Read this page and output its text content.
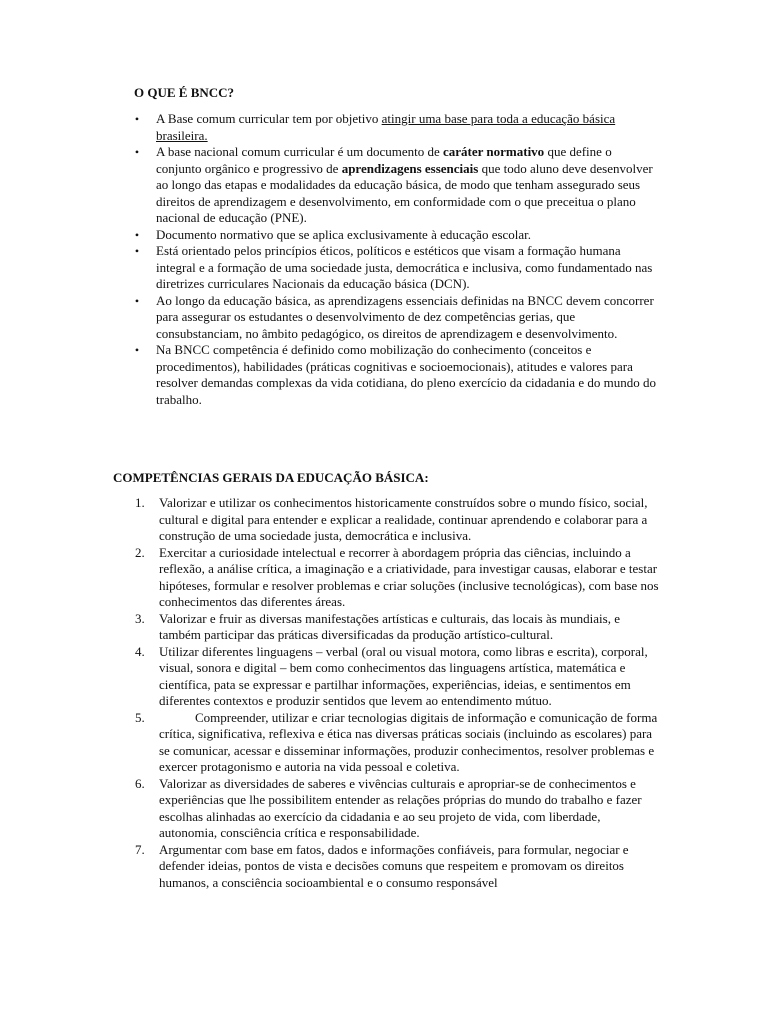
O QUE É BNCC?
• A Base comum curricular tem por objetivo atingir uma base para toda a educação básica brasileira.
• A base nacional comum curricular é um documento de caráter normativo que define o conjunto orgânico e progressivo de aprendizagens essenciais que todo aluno deve desenvolver ao longo das etapas e modalidades da educação básica, de modo que tenham assegurado seus direitos de aprendizagem e desenvolvimento, em conformidade com o que preceitua o plano nacional de educação (PNE).
• Documento normativo que se aplica exclusivamente à educação escolar.
• Está orientado pelos princípios éticos, políticos e estéticos que visam a formação humana integral e a formação de uma sociedade justa, democrática e inclusiva, como fundamentado nas diretrizes curriculares Nacionais da educação básica (DCN).
• Ao longo da educação básica, as aprendizagens essenciais definidas na BNCC devem concorrer para assegurar os estudantes o desenvolvimento de dez competências gerias, que consubstanciam, no âmbito pedagógico, os direitos de aprendizagem e desenvolvimento.
• Na BNCC competência é definido como mobilização do conhecimento (conceitos e procedimentos), habilidades (práticas cognitivas e socioemocionais), atitudes e valores para resolver demandas complexas da vida cotidiana, do pleno exercício da cidadania e do mundo do trabalho.
COMPETÊNCIAS GERAIS DA EDUCAÇÃO BÁSICA:
1.	Valorizar e utilizar os conhecimentos historicamente construídos sobre o mundo físico, social, cultural e digital para entender e explicar a realidade, continuar aprendendo e colaborar para a construção de uma sociedade justa, democrática e inclusiva.
2.	Exercitar a curiosidade intelectual e recorrer à abordagem própria das ciências, incluindo a reflexão, a análise crítica, a imaginação e a criatividade, para investigar causas, elaborar e testar hipóteses, formular e resolver problemas e criar soluções (inclusive tecnológicas), com base nos conhecimentos das diferentes áreas.
3.	Valorizar e fruir as diversas manifestações artísticas e culturais, das locais às mundiais, e também participar das práticas diversificadas da produção artístico-cultural.
4.	Utilizar diferentes linguagens – verbal (oral ou visual motora, como libras e escrita), corporal, visual, sonora e digital – bem como conhecimentos das linguagens artística, matemática e científica, pata se expressar e partilhar informações, experiências, ideias, e sentimentos em diferentes contextos e produzir sentidos que levem ao entendimento mútuo.
5.	Compreender, utilizar e criar tecnologias digitais de informação e comunicação de forma crítica, significativa, reflexiva e ética nas diversas práticas sociais (incluindo as escolares) para se comunicar, acessar e disseminar informações, produzir conhecimentos, resolver problemas e exercer protagonismo e autoria na vida pessoal e coletiva.
6.	Valorizar as diversidades de saberes e vivências culturais e apropriar-se de conhecimentos e experiências que lhe possibilitem entender as relações próprias do mundo do trabalho e fazer escolhas alinhadas ao exercício da cidadania e ao seu projeto de vida, com liberdade, autonomia, consciência crítica e responsabilidade.
7.	Argumentar com base em fatos, dados e informações confiáveis, para formular, negociar e defender ideias, pontos de vista e decisões comuns que respeitem e promovam os direitos humanos, a consciência socioambiental e o consumo responsável
